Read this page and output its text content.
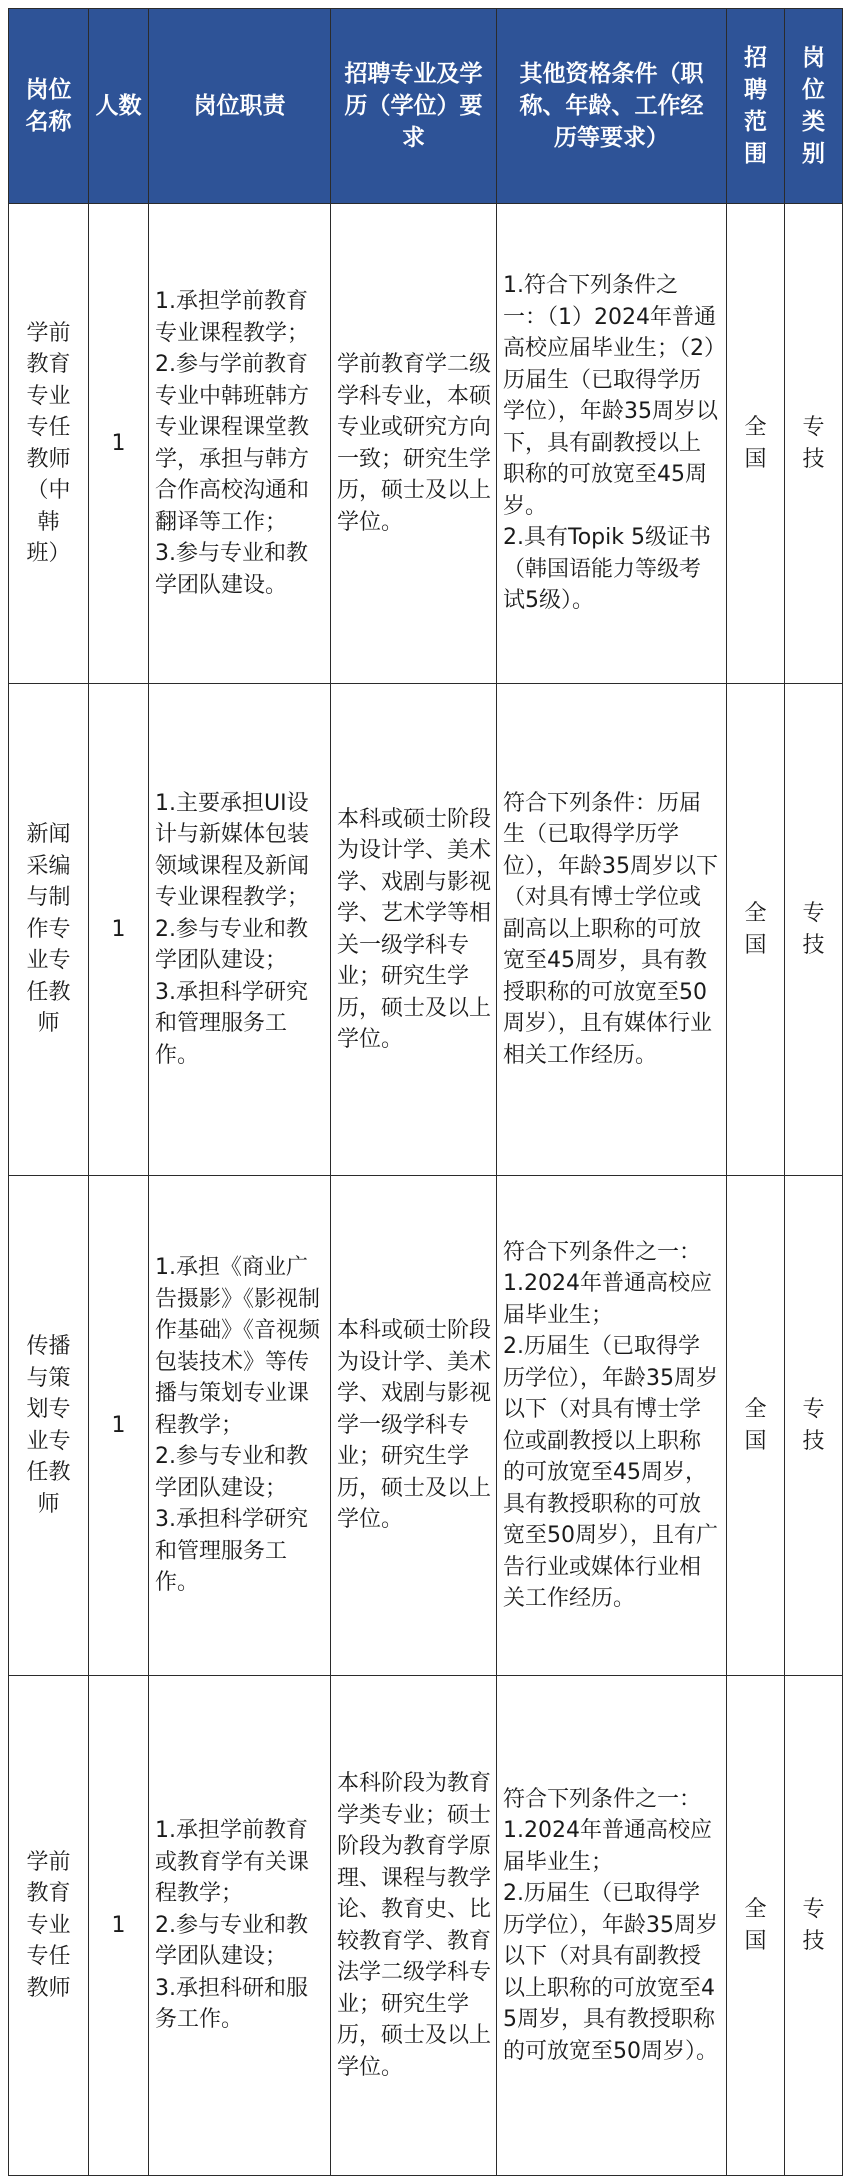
岗位名称	人数	岗位职责	招聘专业及学历（学位）要求	其他资格条件（职称、年龄、工作经历等要求）	招聘范围	岗位类别

学前教育专业专任教师（中韩班）	1	1.承担学前教育专业课程教学；
2.参与学前教育专业中韩班韩方专业课程课堂教学，承担与韩方合作高校沟通和翻译等工作；
3.参与专业和教学团队建设。	学前教育学二级学科专业，本硕专业或研究方向一致；研究生学历，硕士及以上学位。	1.符合下列条件之一：（1）2024年普通高校应届毕业生；（2）历届生（已取得学历学位），年龄35周岁以下，具有副教授以上职称的可放宽至45周岁。
2.具有Topik 5级证书（韩国语能力等级考试5级）。	全国	专技

新闻采编与制作专业专任教师	1	1.主要承担UI设计与新媒体包装领域课程及新闻专业课程教学；
2.参与专业和教学团队建设；
3.承担科学研究和管理服务工作。	本科或硕士阶段为设计学、美术学、戏剧与影视学、艺术学等相关一级学科专业；研究生学历，硕士及以上学位。	符合下列条件：历届生（已取得学历学位），年龄35周岁以下（对具有博士学位或副高以上职称的可放宽至45周岁，具有教授职称的可放宽至50周岁），且有媒体行业相关工作经历。	全国	专技

传播与策划专业专任教师	1	1.承担《商业广告摄影》《影视制作基础》《音视频包装技术》等传播与策划专业课程教学；
2.参与专业和教学团队建设；
3.承担科学研究和管理服务工作。	本科或硕士阶段为设计学、美术学、戏剧与影视学一级学科专业；研究生学历，硕士及以上学位。	符合下列条件之一：1.2024年普通高校应届毕业生；
2.历届生（已取得学历学位），年龄35周岁以下（对具有博士学位或副教授以上职称的可放宽至45周岁，具有教授职称的可放宽至50周岁），且有广告行业或媒体行业相关工作经历。	全国	专技

学前教育专业专任教师	1	1.承担学前教育或教育学有关课程教学；
2.参与专业和教学团队建设；
3.承担科研和服务工作。	本科阶段为教育学类专业；硕士阶段为教育学原理、课程与教学论、教育史、比较教育学、教育法学二级学科专业；研究生学历，硕士及以上学位。	符合下列条件之一：1.2024年普通高校应届毕业生；
2.历届生（已取得学历学位），年龄35周岁以下（对具有副教授以上职称的可放宽至45周岁，具有教授职称的可放宽至50周岁）。	全国	专技
